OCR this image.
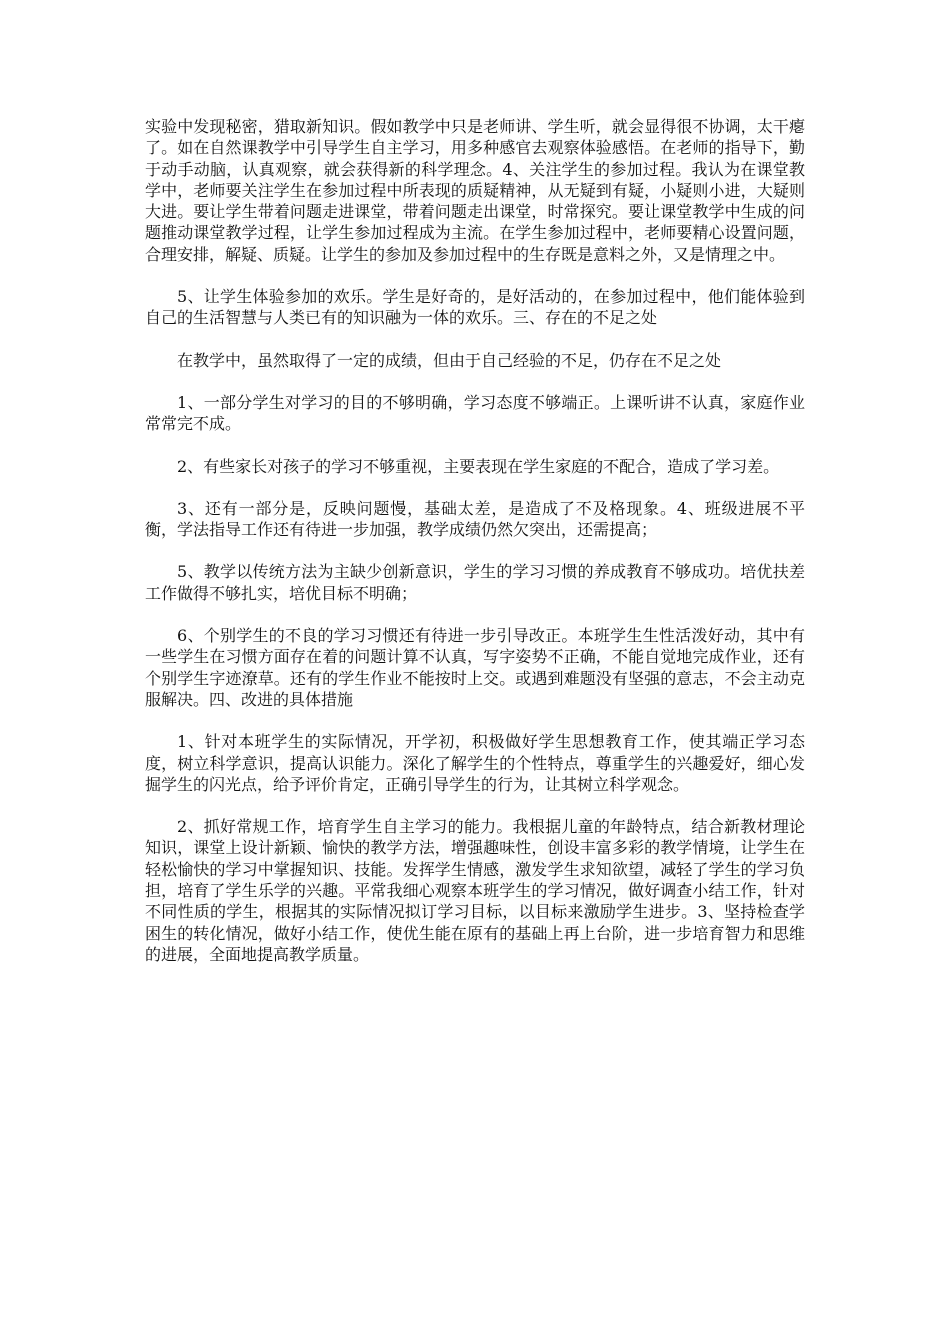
实验中发现秘密，猎取新知识。假如教学中只是老师讲、学生听，就会显得很不协调，太干瘪了。如在自然课教学中引导学生自主学习，用多种感官去观察体验感悟。在老师的指导下，勤于动手动脑，认真观察，就会获得新的科学理念。4、关注学生的参加过程。我认为在课堂教学中，老师要关注学生在参加过程中所表现的质疑精神，从无疑到有疑，小疑则小进，大疑则大进。要让学生带着问题走进课堂，带着问题走出课堂，时常探究。要让课堂教学中生成的问题推动课堂教学过程，让学生参加过程成为主流。在学生参加过程中，老师要精心设置问题，合理安排，解疑、质疑。让学生的参加及参加过程中的生存既是意料之外，又是情理之中。

5、让学生体验参加的欢乐。学生是好奇的，是好活动的，在参加过程中，他们能体验到自己的生活智慧与人类已有的知识融为一体的欢乐。三、存在的不足之处

在教学中，虽然取得了一定的成绩，但由于自己经验的不足，仍存在不足之处

1、一部分学生对学习的目的不够明确，学习态度不够端正。上课听讲不认真，家庭作业常常完不成。

2、有些家长对孩子的学习不够重视，主要表现在学生家庭的不配合，造成了学习差。

3、还有一部分是，反映问题慢，基础太差，是造成了不及格现象。4、班级进展不平衡，学法指导工作还有待进一步加强，教学成绩仍然欠突出，还需提高；

5、教学以传统方法为主缺少创新意识，学生的学习习惯的养成教育不够成功。培优扶差工作做得不够扎实，培优目标不明确；

6、个别学生的不良的学习习惯还有待进一步引导改正。本班学生生性活泼好动，其中有一些学生在习惯方面存在着的问题计算不认真，写字姿势不正确，不能自觉地完成作业，还有个别学生字迹潦草。还有的学生作业不能按时上交。或遇到难题没有坚强的意志，不会主动克服解决。四、改进的具体措施

1、针对本班学生的实际情况，开学初，积极做好学生思想教育工作，使其端正学习态度，树立科学意识，提高认识能力。深化了解学生的个性特点，尊重学生的兴趣爱好，细心发掘学生的闪光点，给予评价肯定，正确引导学生的行为，让其树立科学观念。

2、抓好常规工作，培育学生自主学习的能力。我根据儿童的年龄特点，结合新教材理论知识，课堂上设计新颖、愉快的教学方法，增强趣味性，创设丰富多彩的教学情境，让学生在轻松愉快的学习中掌握知识、技能。发挥学生情感，激发学生求知欲望，减轻了学生的学习负担，培育了学生乐学的兴趣。平常我细心观察本班学生的学习情况，做好调查小结工作，针对不同性质的学生，根据其的实际情况拟订学习目标，以目标来激励学生进步。3、坚持检查学困生的转化情况，做好小结工作，使优生能在原有的基础上再上台阶，进一步培育智力和思维的进展，全面地提高教学质量。
